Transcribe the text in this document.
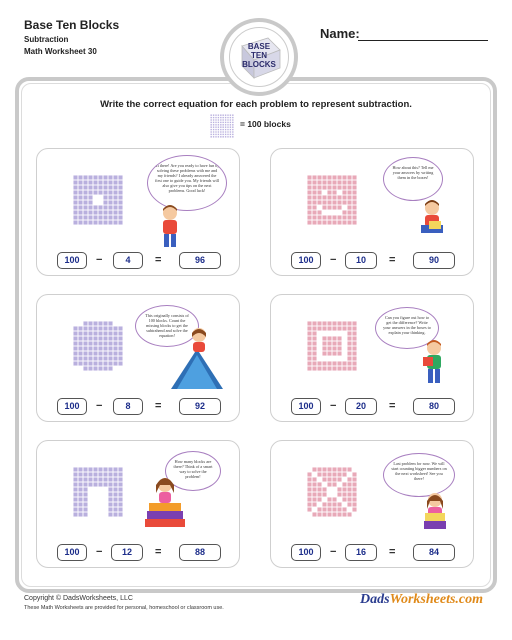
Base Ten Blocks
Subtraction
Math Worksheet 30
Name:
BASE
TEN
BLOCKS
Write the correct equation for each problem to represent subtraction.
= 100 blocks
Hi there! Are you ready to have fun by solving these problems with me and my friends? I already answered the first one to guide you. My friends will also give you tips on the next problems. Good luck!
100	−	4	=	96
How about this? Tell me your answers by writing them in the boxes!
100	−	10	=	90
This originally consists of 100 blocks. Count the missing blocks to get the subtrahend and solve the equation!
100	−	8	=	92
Can you figure out how to get the difference? Write your answers in the boxes to explain your thinking.
100	−	20	=	80
How many blocks are there? Think of a smart way to solve the problem!
100	−	12	=	88
Last problem for now. We will start counting bigger numbers on the next worksheet! See you there!
100	−	16	=	84
Copyright © DadsWorksheets, LLC
These Math Worksheets are provided for personal, homeschool or classroom use.
DadsWorksheets.com
